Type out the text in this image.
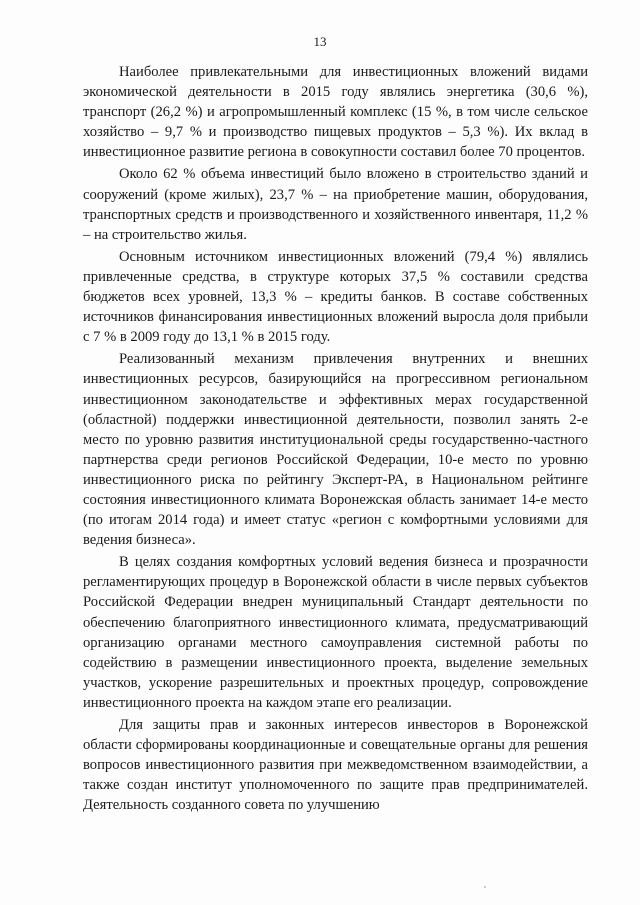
13

Наиболее привлекательными для инвестиционных вложений видами экономической деятельности в 2015 году являлись энергетика (30,6 %), транспорт (26,2 %) и агропромышленный комплекс (15 %, в том числе сельское хозяйство – 9,7 % и производство пищевых продуктов – 5,3 %). Их вклад в инвестиционное развитие региона в совокупности составил более 70 процентов.

Около 62 % объема инвестиций было вложено в строительство зданий и сооружений (кроме жилых), 23,7 % – на приобретение машин, оборудования, транспортных средств и производственного и хозяйственного инвентаря, 11,2 % – на строительство жилья.

Основным источником инвестиционных вложений (79,4 %) являлись привлеченные средства, в структуре которых 37,5 % составили средства бюджетов всех уровней, 13,3 % – кредиты банков. В составе собственных источников финансирования инвестиционных вложений выросла доля прибыли с 7 % в 2009 году до 13,1 % в 2015 году.

Реализованный механизм привлечения внутренних и внешних инвестиционных ресурсов, базирующийся на прогрессивном региональном инвестиционном законодательстве и эффективных мерах государственной (областной) поддержки инвестиционной деятельности, позволил занять 2-е место по уровню развития институциональной среды государственно-частного партнерства среди регионов Российской Федерации, 10-е место по уровню инвестиционного риска по рейтингу Эксперт-РА, в Национальном рейтинге состояния инвестиционного климата Воронежская область занимает 14-е место (по итогам 2014 года) и имеет статус «регион с комфортными условиями для ведения бизнеса».

В целях создания комфортных условий ведения бизнеса и прозрачности регламентирующих процедур в Воронежской области в числе первых субъектов Российской Федерации внедрен муниципальный Стандарт деятельности по обеспечению благоприятного инвестиционного климата, предусматривающий организацию органами местного самоуправления системной работы по содействию в размещении инвестиционного проекта, выделение земельных участков, ускорение разрешительных и проектных процедур, сопровождение инвестиционного проекта на каждом этапе его реализации.

Для защиты прав и законных интересов инвесторов в Воронежской области сформированы координационные и совещательные органы для решения вопросов инвестиционного развития при межведомственном взаимодействии, а также создан институт уполномоченного по защите прав предпринимателей. Деятельность созданного совета по улучшению
